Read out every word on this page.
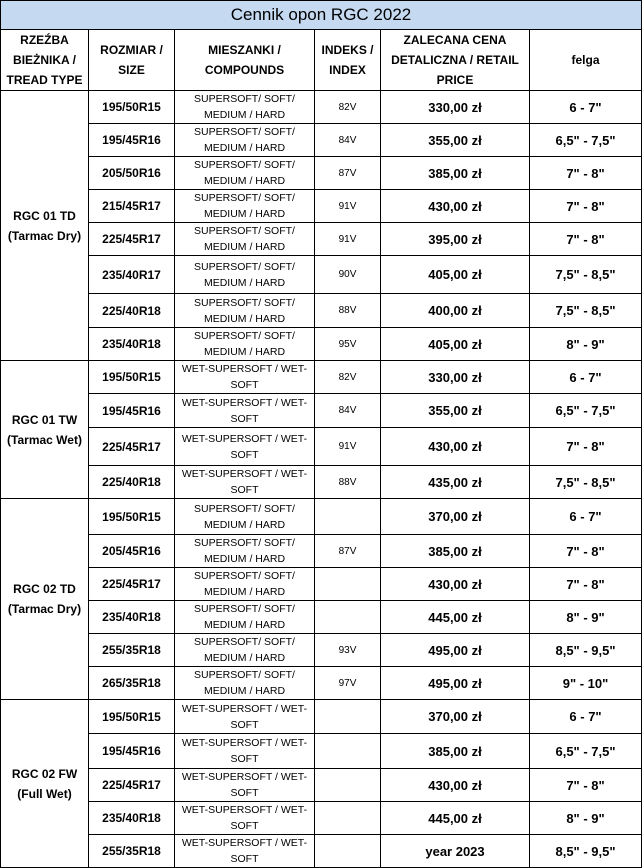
Cennik opon RGC 2022					
RZEŹBA BIEŻNIKA / TREAD TYPE	ROZMIAR / SIZE	MIESZANKI / COMPOUNDS	INDEKS / INDEX	ZALECANA CENA DETALICZNA / RETAIL PRICE	felga
RGC 01 TD (Tarmac Dry)	195/50R15	SUPERSOFT/ SOFT/ MEDIUM / HARD	82V	330,00 zł	6 - 7"
	195/45R16	SUPERSOFT/ SOFT/ MEDIUM / HARD	84V	355,00 zł	6,5" - 7,5"
	205/50R16	SUPERSOFT/ SOFT/ MEDIUM / HARD	87V	385,00 zł	7" - 8"
	215/45R17	SUPERSOFT/ SOFT/ MEDIUM / HARD	91V	430,00 zł	7" - 8"
	225/45R17	SUPERSOFT/ SOFT/ MEDIUM / HARD	91V	395,00 zł	7" - 8"
	235/40R17	SUPERSOFT/ SOFT/ MEDIUM / HARD	90V	405,00 zł	7,5" - 8,5"
	225/40R18	SUPERSOFT/ SOFT/ MEDIUM / HARD	88V	400,00 zł	7,5" - 8,5"
	235/40R18	SUPERSOFT/ SOFT/ MEDIUM / HARD	95V	405,00 zł	8" - 9"
RGC 01 TW (Tarmac Wet)	195/50R15	WET-SUPERSOFT / WET-SOFT	82V	330,00 zł	6 - 7"
	195/45R16	WET-SUPERSOFT / WET-SOFT	84V	355,00 zł	6,5" - 7,5"
	225/45R17	WET-SUPERSOFT / WET-SOFT	91V	430,00 zł	7" - 8"
	225/40R18	WET-SUPERSOFT / WET-SOFT	88V	435,00 zł	7,5" - 8,5"
RGC 02 TD (Tarmac Dry)	195/50R15	SUPERSOFT/ SOFT/ MEDIUM / HARD		370,00 zł	6 - 7"
	205/45R16	SUPERSOFT/ SOFT/ MEDIUM / HARD	87V	385,00 zł	7" - 8"
	225/45R17	SUPERSOFT/ SOFT/ MEDIUM / HARD		430,00 zł	7" - 8"
	235/40R18	SUPERSOFT/ SOFT/ MEDIUM / HARD		445,00 zł	8" - 9"
	255/35R18	SUPERSOFT/ SOFT/ MEDIUM / HARD	93V	495,00 zł	8,5" - 9,5"
	265/35R18	SUPERSOFT/ SOFT/ MEDIUM / HARD	97V	495,00 zł	9" - 10"
RGC 02 FW (Full Wet)	195/50R15	WET-SUPERSOFT / WET-SOFT		370,00 zł	6 - 7"
	195/45R16	WET-SUPERSOFT / WET-SOFT		385,00 zł	6,5" - 7,5"
	225/45R17	WET-SUPERSOFT / WET-SOFT		430,00 zł	7" - 8"
	235/40R18	WET-SUPERSOFT / WET-SOFT		445,00 zł	8" - 9"
	255/35R18	WET-SUPERSOFT / WET-SOFT		year 2023	8,5" - 9,5"
